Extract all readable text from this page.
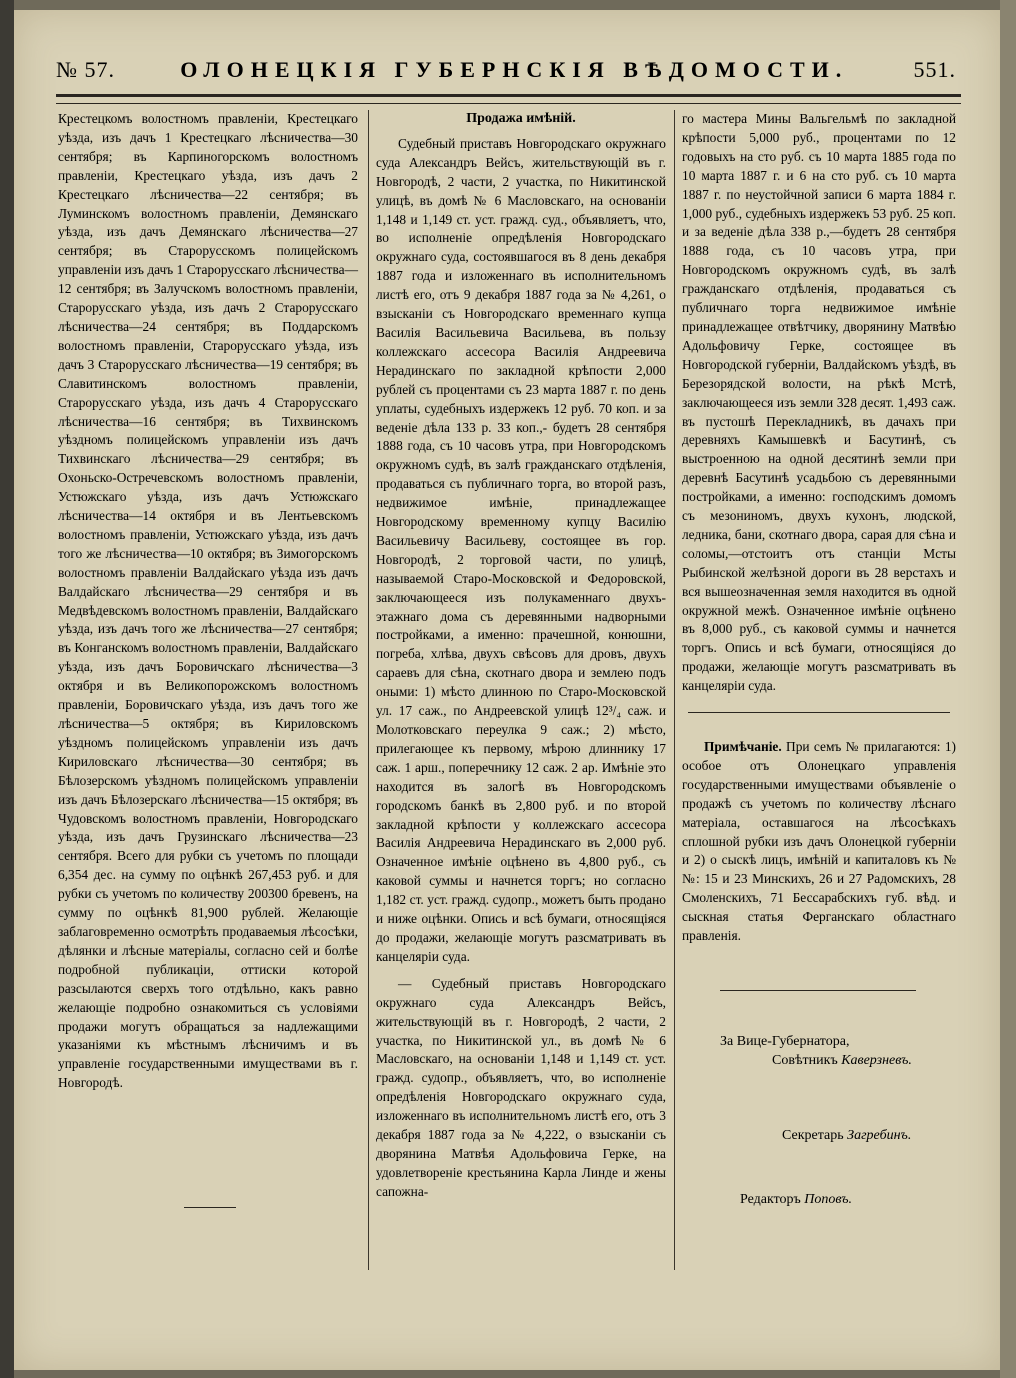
№ 57.	ОЛОНЕЦКІЯ ГУБЕРНСКІЯ ВѢДОМОСТИ.	551.

Крестецкомъ волостномъ правленіи, Крестецкаго уѣзда, изъ дачъ 1 Крестецкаго лѣсничества—30 сентября; въ Карпиногорскомъ волостномъ правленіи, Крестецкаго уѣзда, изъ дачъ 2 Крестецкаго лѣсничества—22 сентября; въ Луминскомъ волостномъ правленіи, Демянскаго уѣзда, изъ дачъ Демянскаго лѣсничества—27 сентября; въ Старорусскомъ полицейскомъ управленіи изъ дачъ 1 Старорусскаго лѣсничества—12 сентября; въ Залучскомъ волостномъ правленіи, Старорусскаго уѣзда, изъ дачъ 2 Старорусскаго лѣсничества—24 сентября; въ Поддарскомъ волостномъ правленіи, Старорусскаго уѣзда, изъ дачъ 3 Старорусскаго лѣсничества—19 сентября; въ Славитинскомъ волостномъ правленіи, Старорусскаго уѣзда, изъ дачъ 4 Старорусскаго лѣсничества—16 сентября; въ Тихвинскомъ уѣздномъ полицейскомъ управленіи изъ дачъ Тихвинскаго лѣсничества—29 сентября; въ Охоньско-Остречевскомъ волостномъ правленіи, Устюжскаго уѣзда, изъ дачъ Устюжскаго лѣсничества—14 октября и въ Лентьевскомъ волостномъ правленіи, Устюжскаго уѣзда, изъ дачъ того же лѣсничества—10 октября; въ Зимогорскомъ волостномъ правленіи Валдайскаго уѣзда изъ дачъ Валдайскаго лѣсничества—29 сентября и въ Медвѣдевскомъ волостномъ правленіи, Валдайскаго уѣзда, изъ дачъ того же лѣсничества—27 сентября; въ Конганскомъ волостномъ правленіи, Валдайскаго уѣзда, изъ дачъ Боровичскаго лѣсничества—3 октября и въ Великопорожскомъ волостномъ правленіи, Боровичскаго уѣзда, изъ дачъ того же лѣсничества—5 октября; въ Кириловскомъ уѣздномъ полицейскомъ управленіи изъ дачъ Кириловскаго лѣсничества—30 сентября; въ Бѣлозерскомъ уѣздномъ полицейскомъ управленіи изъ дачъ Бѣлозерскаго лѣсничества—15 октября; въ Чудовскомъ волостномъ правленіи, Новгородскаго уѣзда, изъ дачъ Грузинскаго лѣсничества—23 сентября. Всего для рубки съ учетомъ по площади 6,354 дес. на сумму по оцѣнкѣ 267,453 руб. и для рубки съ учетомъ по количеству 200300 бревенъ, на сумму по оцѣнкѣ 81,900 рублей. Желающіе заблаговременно осмотрѣть продаваемыя лѣсосѣки, дѣлянки и лѣсные матеріалы, согласно сей и болѣе подробной публикаціи, оттиски которой разсылаются сверхъ того отдѣльно, какъ равно желающіе подробно ознакомиться съ условіями продажи могутъ обращаться за надлежащими указаніями къ мѣстнымъ лѣсничимъ и въ управленіе государственными имуществами въ г. Новгородѣ.

Продажа имѣній.

Судебный приставъ Новгородскаго окружнаго суда Александръ Вейсъ, жительствующій въ г. Новгородѣ, 2 части, 2 участка, по Никитинской улицѣ, въ домѣ № 6 Масловскаго, на основаніи 1,148 и 1,149 ст. уст. гражд. суд., объявляетъ, что, во исполненіе опредѣленія Новгородскаго окружнаго суда, состоявшагося въ 8 день декабря 1887 года и изложеннаго въ исполнительномъ листѣ его, отъ 9 декабря 1887 года за № 4,261, о взысканіи съ Новгородскаго временнаго купца Василія Васильевича Васильева, въ пользу коллежскаго ассесора Василія Андреевича Нерадинскаго по закладной крѣпости 2,000 рублей съ процентами съ 23 марта 1887 г. по день уплаты, судебныхъ издержекъ 12 руб. 70 коп. и за веденіе дѣла 133 р. 33 коп.,- будетъ 28 сентября 1888 года, съ 10 часовъ утра, при Новгородскомъ окружномъ судѣ, въ залѣ гражданскаго отдѣленія, продаваться съ публичнаго торга, во второй разъ, недвижимое имѣніе, принадлежащее Новгородскому временному купцу Василію Васильевичу Васильеву, состоящее въ гор. Новгородѣ, 2 торговой части, по улицѣ, называемой Старо-Московской и Федоровской, заключающееся изъ полукаменнаго двухъ-этажнаго дома съ деревянными надворными постройками, а именно: прачешной, конюшни, погреба, хлѣва, двухъ свѣсовъ для дровъ, двухъ сараевъ для сѣна, скотнаго двора и землею подъ оными: 1) мѣсто длинною по Старо-Московской ул. 17 саж., по Андреевской улицѣ 12³/₄ саж. и Молотковскаго переулка 9 саж.; 2) мѣсто, прилегающее къ первому, мѣрою длиннику 17 саж. 1 арш., поперечнику 12 саж. 2 ар. Имѣніе это находится въ залогѣ въ Новгородскомъ городскомъ банкѣ въ 2,800 руб. и по второй закладной крѣпости у коллежскаго ассесора Василія Андреевича Нерадинскаго въ 2,000 руб. Означенное имѣніе оцѣнено въ 4,800 руб., съ каковой суммы и начнется торгъ; но согласно 1,182 ст. уст. гражд. судопр., можетъ быть продано и ниже оцѣнки. Опись и всѣ бумаги, относящіяся до продажи, желающіе могутъ разсматривать въ канцеляріи суда.

— Судебный приставъ Новгородскаго окружнаго суда Александръ Вейсъ, жительствующій въ г. Новгородѣ, 2 части, 2 участка, по Никитинской ул., въ домѣ № 6 Масловскаго, на основаніи 1,148 и 1,149 ст. уст. гражд. судопр., объявляетъ, что, во исполненіе опредѣленія Новгородскаго окружнаго суда, изложеннаго въ исполнительномъ листѣ его, отъ 3 декабря 1887 года за № 4,222, о взысканіи съ дворянина Матвѣя Адольфовича Герке, на удовлетвореніе крестьянина Карла Линде и жены сапожна-

го мастера Мины Вальгельмѣ по закладной крѣпости 5,000 руб., процентами по 12 годовыхъ на сто руб. съ 10 марта 1885 года по 10 марта 1887 г. и 6 на сто руб. съ 10 марта 1887 г. по неустойчной записи 6 марта 1884 г. 1,000 руб., судебныхъ издержекъ 53 руб. 25 коп. и за веденіе дѣла 338 р.,—будетъ 28 сентября 1888 года, съ 10 часовъ утра, при Новгородскомъ окружномъ судѣ, въ залѣ гражданскаго отдѣленія, продаваться съ публичнаго торга недвижимое имѣніе принадлежащее отвѣтчику, дворянину Матвѣю Адольфовичу Герке, состоящее въ Новгородской губерніи, Валдайскомъ уѣздѣ, въ Березорядской волости, на рѣкѣ Мстѣ, заключающееся изъ земли 328 десят. 1,493 саж. въ пустошѣ Перекладникѣ, въ дачахъ при деревняхъ Камышевкѣ и Басутинѣ, съ выстроенною на одной десятинѣ земли при деревнѣ Басутинѣ усадьбою съ деревянными постройками, а именно: господскимъ домомъ съ мезониномъ, двухъ кухонъ, людской, ледника, бани, скотнаго двора, сарая для сѣна и соломы,—отстоитъ отъ станціи Мсты Рыбинской желѣзной дороги въ 28 верстахъ и вся вышеозначенная земля находится въ одной окружной межѣ. Означенное имѣніе оцѣнено въ 8,000 руб., съ каковой суммы и начнется торгъ. Опись и всѣ бумаги, относящіяся до продажи, желающіе могутъ разсматривать въ канцеляріи суда.

Примѣчаніе. При семъ № прилагаются: 1) особое отъ Олонецкаго управленія государственными имуществами объявленіе о продажѣ съ учетомъ по количеству лѣснаго матеріала, оставшагося на лѣсосѣкахъ сплошной рубки изъ дачъ Олонецкой губерніи и 2) о сыскѣ лицъ, имѣній и капиталовъ къ №№: 15 и 23 Минскихъ, 26 и 27 Радомскихъ, 28 Смоленскихъ, 71 Бессарабскихъ губ. вѣд. и сыскная статья Ферганскаго областнаго правленія.

За Вице-Губернатора,
Совѣтникъ Каверзневъ.
Секретарь Загребинъ.
Редакторъ Поповъ.
